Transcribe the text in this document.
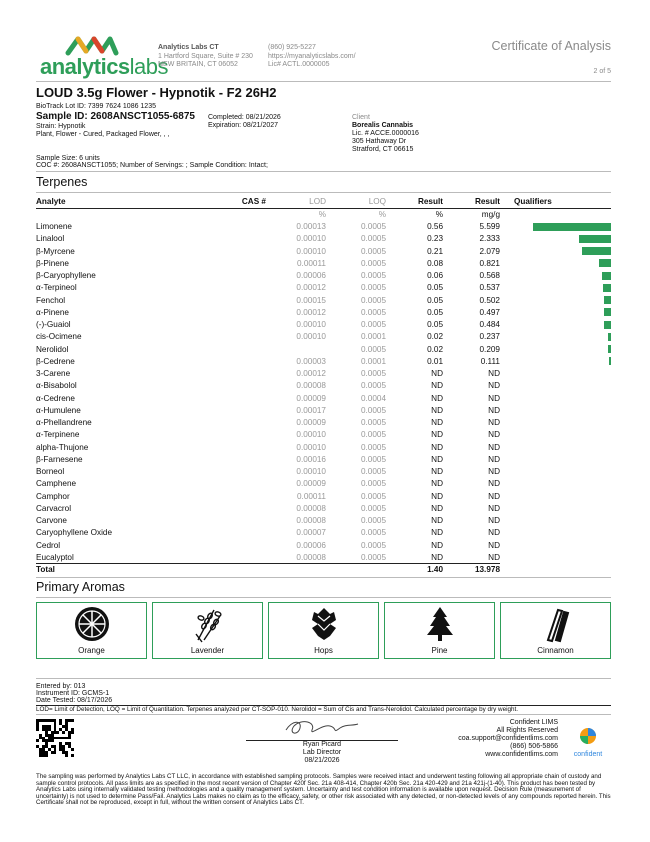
analyticslabs
Analytics Labs CT
1 Hartford Square, Suite # 230
NEW BRITAIN, CT 06052
(860) 925-5227
https://myanalyticslabs.com/
Lic# ACTL.0000005
Certificate of Analysis
2 of 5
LOUD 3.5g Flower - Hypnotik - F2 26H2
BioTrack Lot ID: 7399 7624 1086 1235
Sample ID: 2608ANSCT1055-6875
Strain: Hypnotik
Plant, Flower - Cured, Packaged Flower, , ,
Completed: 08/21/2026
Expiration: 08/21/2027
Client
Borealis Cannabis
Lic. # ACCE.0000016
305 Hathaway Dr
Stratford, CT 06615
Sample Size: 6 units
COC #: 2608ANSCT1055; Number of Servings: ; Sample Condition: Intact;
Terpenes
Analyte	CAS #	LOD	LOQ	Result	Result	Qualifiers
		%	%	%	mg/g	
Limonene		0.00013	0.0005	0.56	5.599	

Linalool		0.00010	0.0005	0.23	2.333	

β-Myrcene		0.00010	0.0005	0.21	2.079	

β-Pinene		0.00011	0.0005	0.08	0.821	

β-Caryophyllene		0.00006	0.0005	0.06	0.568	

α-Terpineol		0.00012	0.0005	0.05	0.537	

Fenchol		0.00015	0.0005	0.05	0.502	

α-Pinene		0.00012	0.0005	0.05	0.497	

(-)-Guaiol		0.00010	0.0005	0.05	0.484	

cis-Ocimene		0.00010	0.0001	0.02	0.237	

Nerolidol			0.0005	0.02	0.209	

β-Cedrene		0.00003	0.0001	0.01	0.111	

3-Carene		0.00012	0.0005	ND	ND	

α-Bisabolol		0.00008	0.0005	ND	ND	

α-Cedrene		0.00009	0.0004	ND	ND	

α-Humulene		0.00017	0.0005	ND	ND	

α-Phellandrene		0.00009	0.0005	ND	ND	

α-Terpinene		0.00010	0.0005	ND	ND	

alpha-Thujone		0.00010	0.0005	ND	ND	

β-Farnesene		0.00016	0.0005	ND	ND	

Borneol		0.00010	0.0005	ND	ND	

Camphene		0.00009	0.0005	ND	ND	

Camphor		0.00011	0.0005	ND	ND	

Carvacrol		0.00008	0.0005	ND	ND	

Carvone		0.00008	0.0005	ND	ND	

Caryophyllene Oxide		0.00007	0.0005	ND	ND	

Cedrol		0.00006	0.0005	ND	ND	

Eucalyptol		0.00008	0.0005	ND	ND	

Total				1.40	13.978	
Primary Aromas
Orange	Lavender	Hops	Pine	Cinnamon
Entered by: 013
Instrument ID: GCMS-1
Date Tested: 08/17/2026
LOD= Limit of Detection, LOQ = Limit of Quantitation. Terpenes analyzed per CT-SOP-010. Nerolidol = Sum of Cis and Trans-Nerolidol. Calculated percentage by dry weight.
Ryan Picard
Lab Director
08/21/2026
Confident LIMS
All Rights Reserved
coa.support@confidentlims.com
(866) 506-5866
www.confidentlims.com	confident
The sampling was performed by Analytics Labs CT LLC, in accordance with established sampling protocols. Samples were received intact and underwent testing following all appropriate chain of custody and sample control protocols. All pass limits are as specified in the most recent version of Chapter 420f Sec. 21a 408-414, Chapter 420b Sec. 21a 420-429 and 21a 421j-(1-40). This product has been tested by Analytics Labs using internally validated testing methodologies and a quality management system. Uncertainty and test condition information is available upon request. Decision Rule (measurement of uncertainty) is not used to determine Pass/Fail. Analytics Labs makes no claim as to the efficacy, safety, or other risk associated with any detected, or non-detected levels of any compounds reported herein. This Certificate shall not be reproduced, except in full, without the written consent of Analytics Labs CT.
